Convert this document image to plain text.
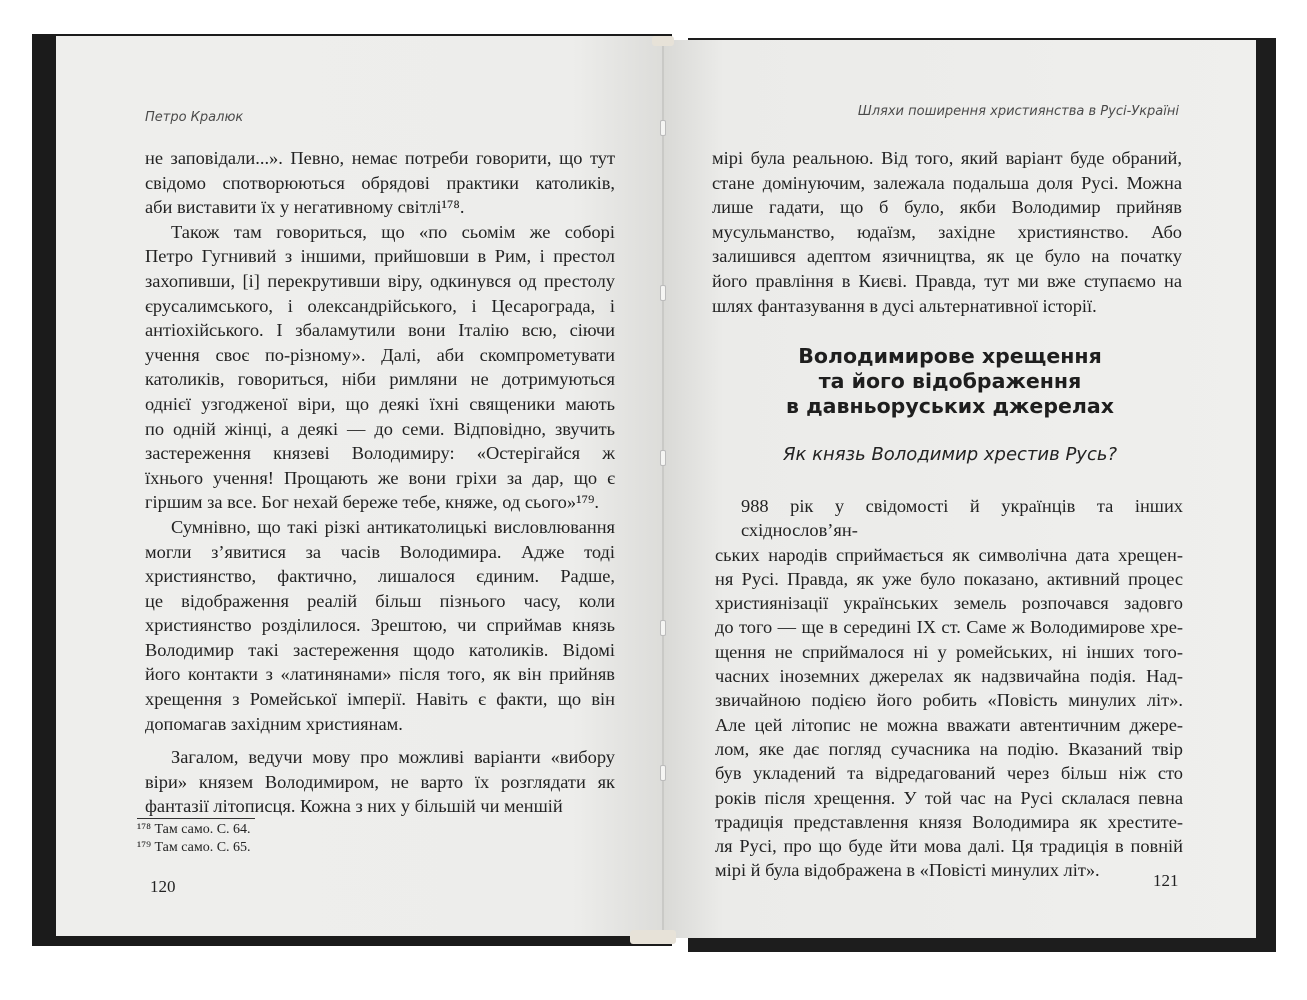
Петро Кралюк	Шляхи поширення християнства в Русі-Україні
не заповідали...». Певно, немає потреби говорити, що тут
свідомо спотворюються обрядові практики католиків,
аби виставити їх у негативному світлі¹⁷⁸.
Також там говориться, що «по сьомім же соборі
Петро Гугнивий з іншими, прийшовши в Рим, і престол
захопивши, [і] перекрутивши віру, одкинувся од престолу
єрусалимського, і олександрійського, і Цесарограда, і
антіохійського. І збаламутили вони Італію всю, сіючи
учення своє по-різному». Далі, аби скомпрометувати
католиків, говориться, ніби римляни не дотримуються
однієї узгодженої віри, що деякі їхні священики мають
по одній жінці, а деякі — до семи. Відповідно, звучить
застереження князеві Володимиру: «Остерігайся ж
їхнього учення! Прощають же вони гріхи за дар, що є
гіршим за все. Бог нехай береже тебе, княже, од сього»¹⁷⁹.
Сумнівно, що такі різкі антикатолицькі висловлювання
могли з’явитися за часів Володимира. Адже тоді
християнство, фактично, лишалося єдиним. Радше,
це відображення реалій більш пізнього часу, коли
християнство розділилося. Зрештою, чи сприймав князь
Володимир такі застереження щодо католиків. Відомі
його контакти з «латинянами» після того, як він прийняв
хрещення з Ромейської імперії. Навіть є факти, що він
допомагав західним християнам.
Загалом, ведучи мову про можливі варіанти «вибору
віри» князем Володимиром, не варто їх розглядати як
фантазії літописця. Кожна з них у більшій чи меншій
¹⁷⁸ Там само. С. 64.
¹⁷⁹ Там само. С. 65.
120
мірі була реальною. Від того, який варіант буде обраний,
стане домінуючим, залежала подальша доля Русі. Можна
лише гадати, що б було, якби Володимир прийняв
мусульманство, юдаїзм, західне християнство. Або
залишився адептом язичництва, як це було на початку
його правління в Києві. Правда, тут ми вже ступаємо на
шлях фантазування в дусі альтернативної історії.
Володимирове хрещення
та його відображення
в давньоруських джерелах
Як князь Володимир хрестив Русь?
988 рік у свідомості й українців та інших східнослов’ян-
ських народів сприймається як символічна дата хрещен-
ня Русі. Правда, як уже було показано, активний процес
християнізації українських земель розпочався задовго
до того — ще в середині IX ст. Саме ж Володимирове хре-
щення не сприймалося ні у ромейських, ні інших того-
часних іноземних джерелах як надзвичайна подія. Над-
звичайною подією його робить «Повість минулих літ».
Але цей літопис не можна вважати автентичним джере-
лом, яке дає погляд сучасника на подію. Вказаний твір
був укладений та відредагований через більш ніж сто
років після хрещення. У той час на Русі склалася певна
традиція представлення князя Володимира як хрестите-
ля Русі, про що буде йти мова далі. Ця традиція в повній
мірі й була відображена в «Повісті минулих літ».
121
